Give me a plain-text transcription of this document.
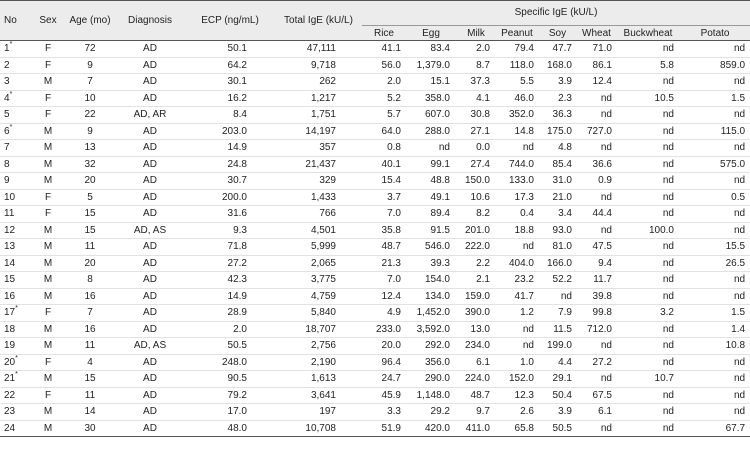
No	Sex	Age (mo)	Diagnosis	ECP (ng/mL)	Total IgE (kU/L)	Specific IgE (kU/L)							
						Rice	Egg	Milk	Peanut	Soy	Wheat	Buckwheat	Potato
1*	F	72	AD	50.1	47,111	41.1	83.4	2.0	79.4	47.7	71.0	nd	nd
2	F	9	AD	64.2	9,718	56.0	1,379.0	8.7	118.0	168.0	86.1	5.8	859.0
3	M	7	AD	30.1	262	2.0	15.1	37.3	5.5	3.9	12.4	nd	nd
4*	F	10	AD	16.2	1,217	5.2	358.0	4.1	46.0	2.3	nd	10.5	1.5
5	F	22	AD, AR	8.4	1,751	5.7	607.0	30.8	352.0	36.3	nd	nd	nd
6*	M	9	AD	203.0	14,197	64.0	288.0	27.1	14.8	175.0	727.0	nd	115.0
7	M	13	AD	14.9	357	0.8	nd	0.0	nd	4.8	nd	nd	nd
8	M	32	AD	24.8	21,437	40.1	99.1	27.4	744.0	85.4	36.6	nd	575.0
9	M	20	AD	30.7	329	15.4	48.8	150.0	133.0	31.0	0.9	nd	nd
10	F	5	AD	200.0	1,433	3.7	49.1	10.6	17.3	21.0	nd	nd	0.5
11	F	15	AD	31.6	766	7.0	89.4	8.2	0.4	3.4	44.4	nd	nd
12	M	15	AD, AS	9.3	4,501	35.8	91.5	201.0	18.8	93.0	nd	100.0	nd
13	M	11	AD	71.8	5,999	48.7	546.0	222.0	nd	81.0	47.5	nd	15.5
14	M	20	AD	27.2	2,065	21.3	39.3	2.2	404.0	166.0	9.4	nd	26.5
15	M	8	AD	42.3	3,775	7.0	154.0	2.1	23.2	52.2	11.7	nd	nd
16	M	16	AD	14.9	4,759	12.4	134.0	159.0	41.7	nd	39.8	nd	nd
17*	F	7	AD	28.9	5,840	4.9	1,452.0	390.0	1.2	7.9	99.8	3.2	1.5
18	M	16	AD	2.0	18,707	233.0	3,592.0	13.0	nd	11.5	712.0	nd	1.4
19	M	11	AD, AS	50.5	2,756	20.0	292.0	234.0	nd	199.0	nd	nd	10.8
20*	F	4	AD	248.0	2,190	96.4	356.0	6.1	1.0	4.4	27.2	nd	nd
21*	M	15	AD	90.5	1,613	24.7	290.0	224.0	152.0	29.1	nd	10.7	nd
22	F	11	AD	79.2	3,641	45.9	1,148.0	48.7	12.3	50.4	67.5	nd	nd
23	M	14	AD	17.0	197	3.3	29.2	9.7	2.6	3.9	6.1	nd	nd
24	M	30	AD	48.0	10,708	51.9	420.0	411.0	65.8	50.5	nd	nd	67.7
